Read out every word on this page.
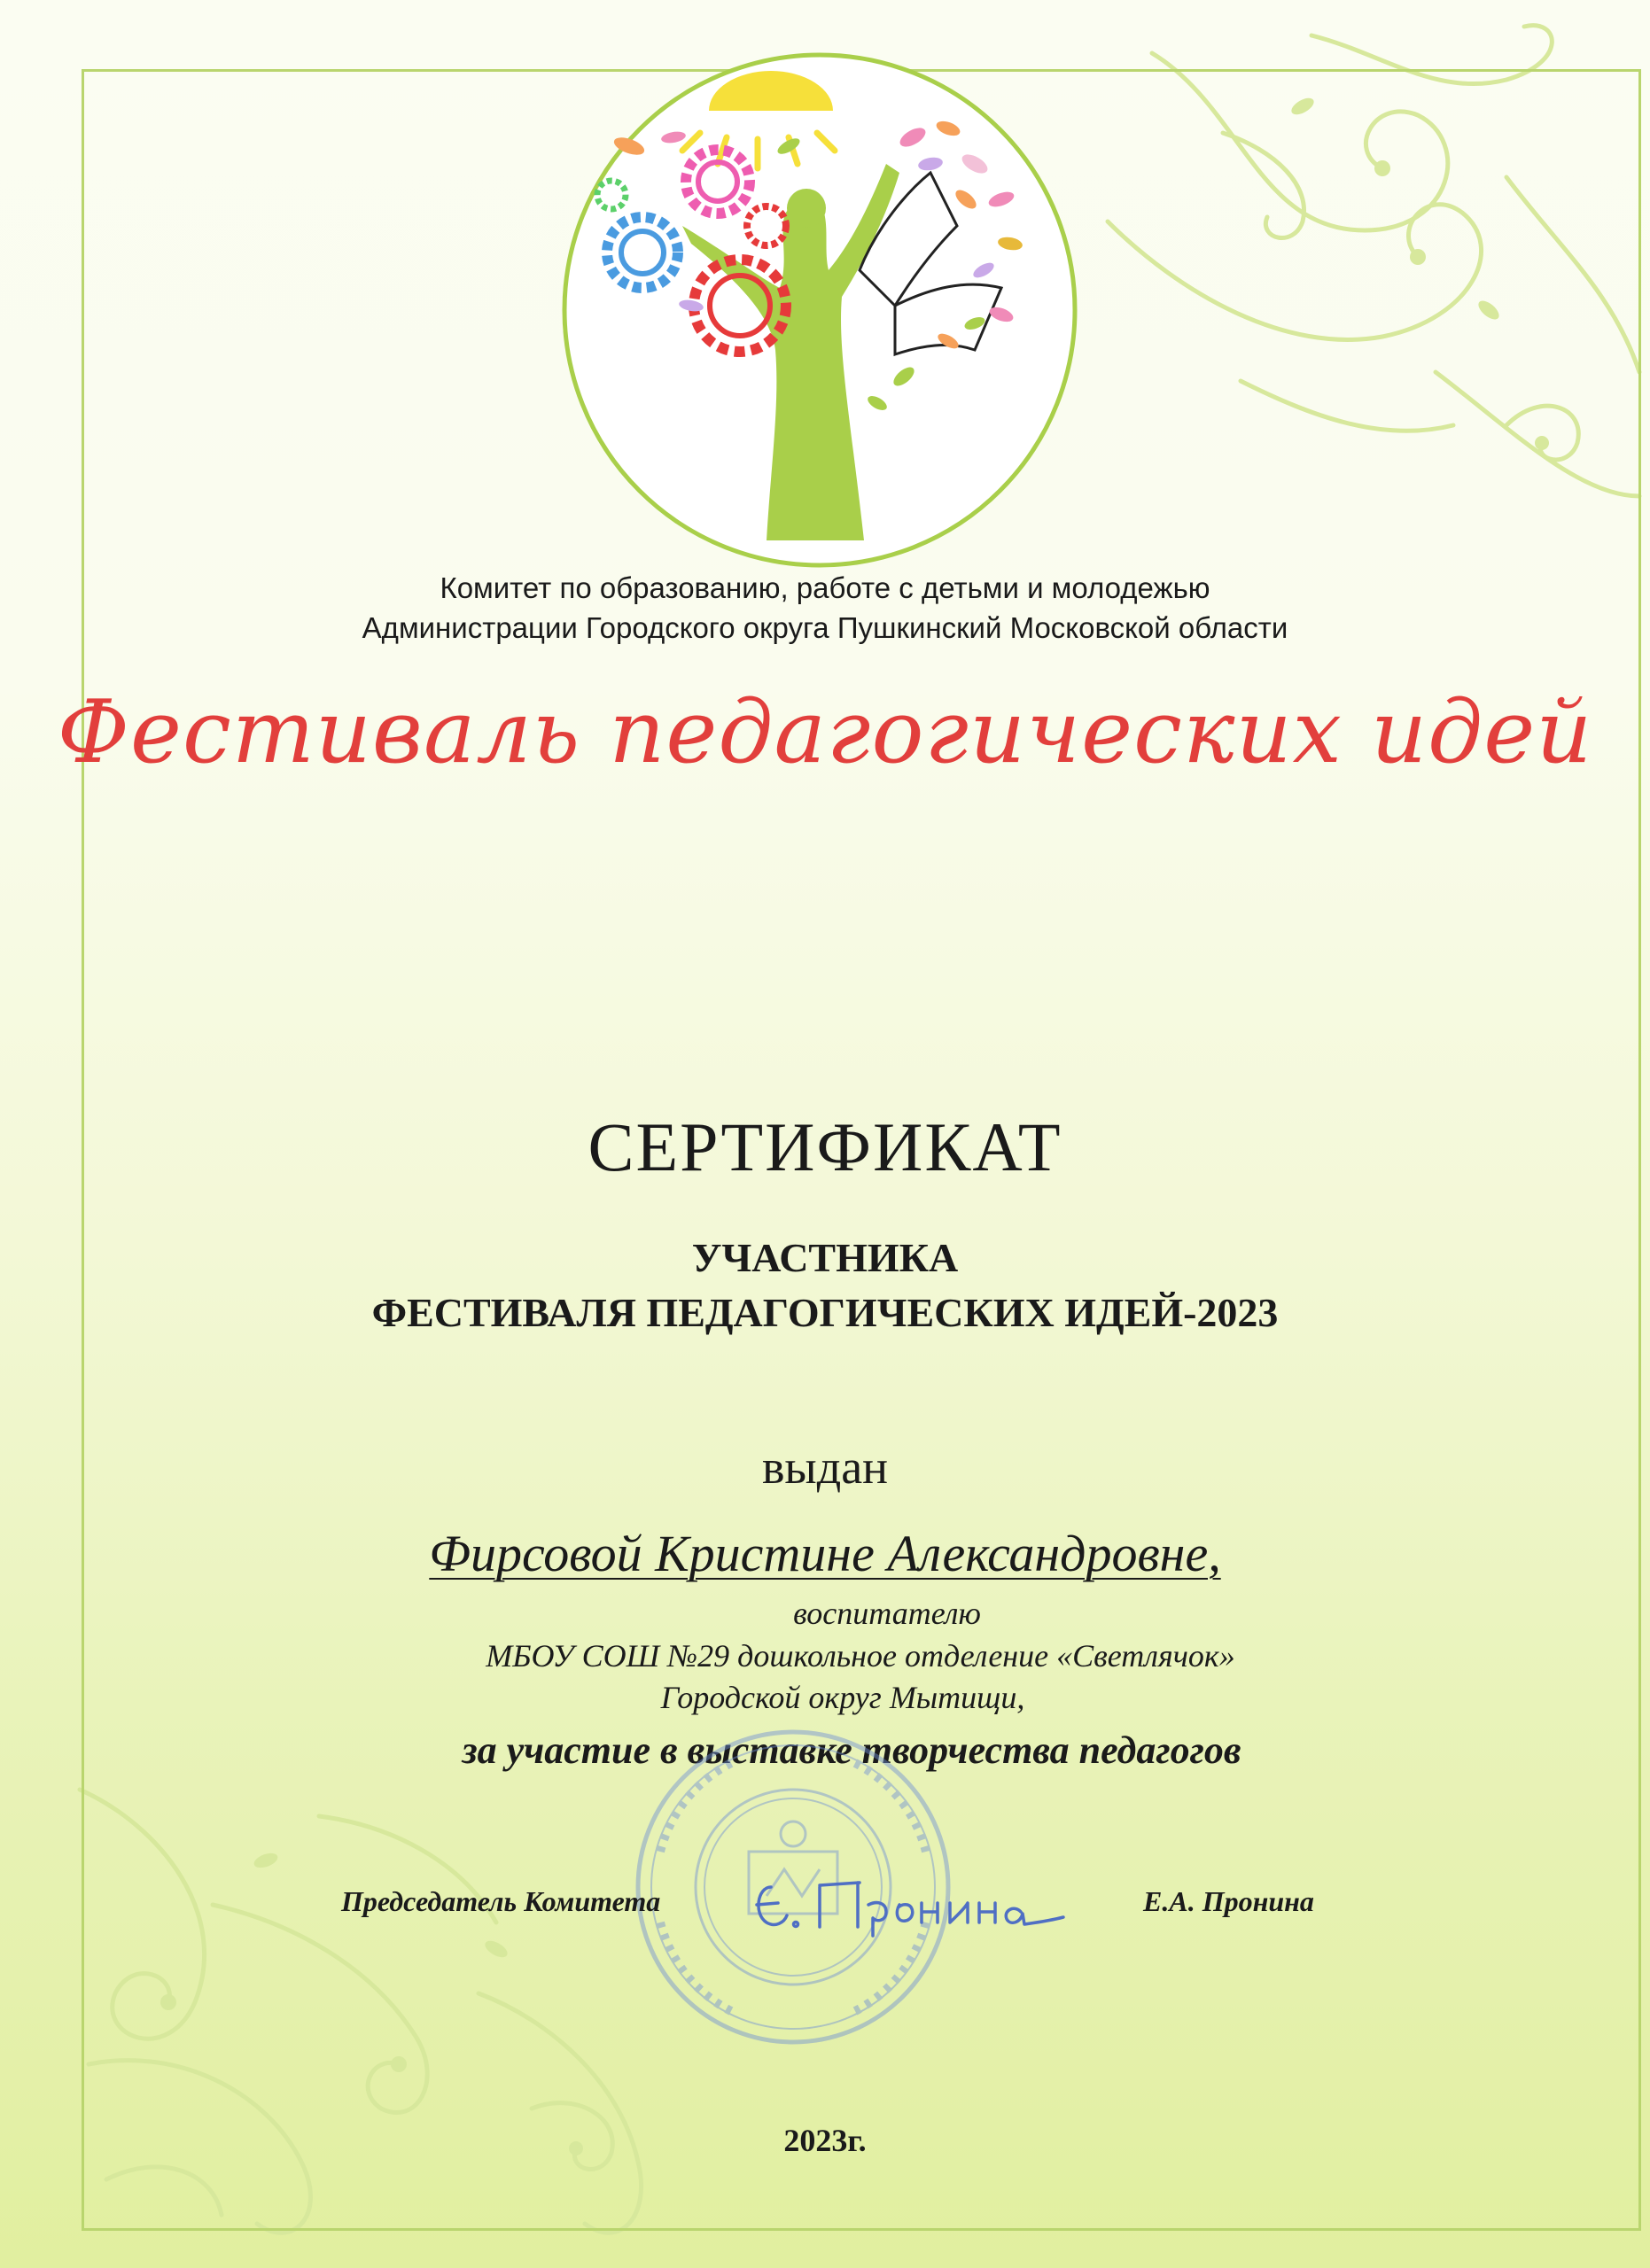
Комитет по образованию, работе с детьми и молодежью
Администрации Городского округа Пушкинский Московской области
Фестиваль педагогических идей
СЕРТИФИКАТ
УЧАСТНИКА
ФЕСТИВАЛЯ ПЕДАГОГИЧЕСКИХ ИДЕЙ-2023
выдан
Фирсовой Кристине Александровне,
воспитателю
МБОУ СОШ №29 дошкольное отделение «Светлячок»
Городской округ Мытищи,
за участие в выставке творчества педагогов
Председатель Комитета	Е.А. Пронина
2023г.
